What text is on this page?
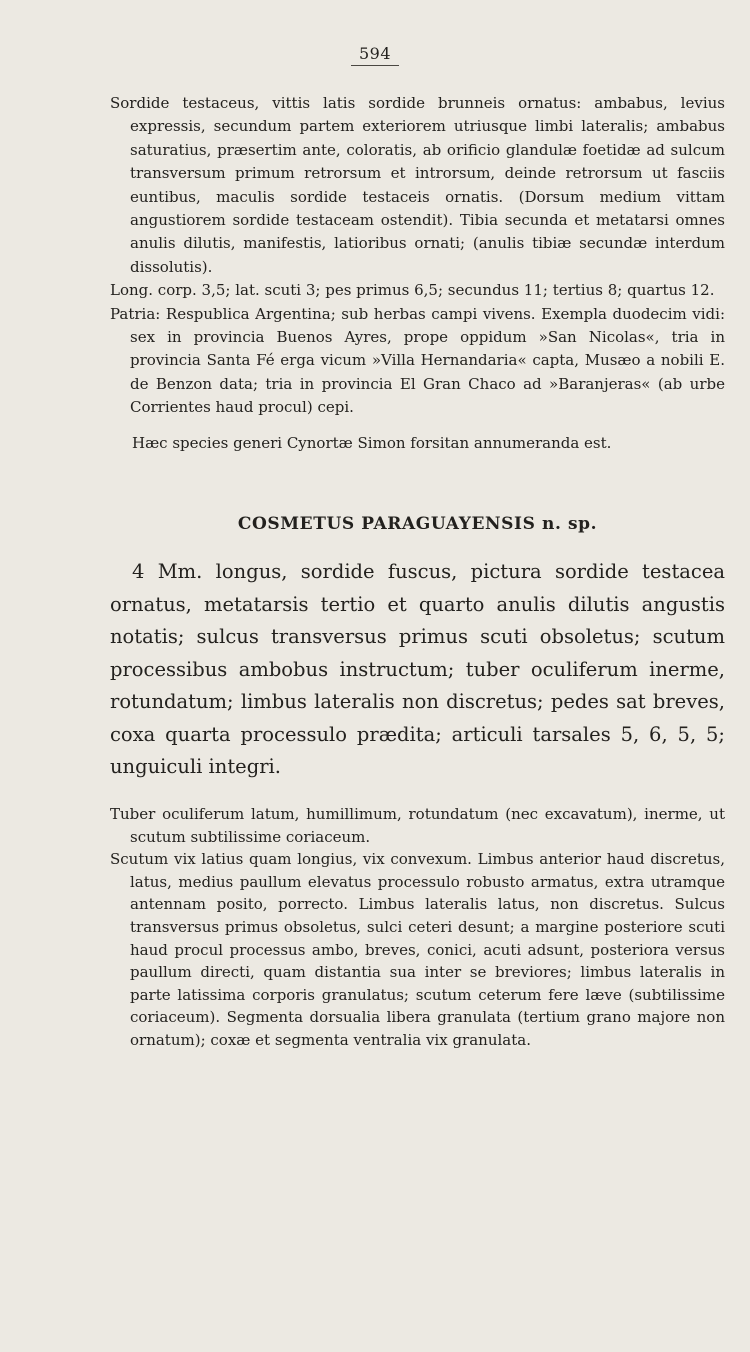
594

Sordide testaceus, vittis latis sordide brunneis ornatus: ambabus, levius expressis, secundum partem exteriorem utriusque limbi lateralis; ambabus saturatius, præsertim ante, coloratis, ab orificio glandulæ foetidæ ad sulcum transversum primum retrorsum et introrsum, deinde retrorsum ut fasciis euntibus, maculis sordide testaceis ornatis. (Dorsum medium vittam angustiorem sordide testaceam ostendit). Tibia secunda et metatarsi omnes anulis dilutis, manifestis, latioribus ornati; (anulis tibiæ secundæ interdum dissolutis).

Long. corp. 3,5; lat. scuti 3; pes primus 6,5; secundus 11; tertius 8; quartus 12.

Patria: Respublica Argentina; sub herbas campi vivens. Exempla duodecim vidi: sex in provincia Buenos Ayres, prope oppidum »San Nicolas«, tria in provincia Santa Fé erga vicum »Villa Hernandaria« capta, Musæo a nobili E. de Benzon data; tria in provincia El Gran Chaco ad »Baranjeras« (ab urbe Corrientes haud procul) cepi.

Hæc species generi Cynortæ Simon forsitan annumeranda est.

COSMETUS PARAGUAYENSIS n. sp.

4 Mm. longus, sordide fuscus, pictura sordide testacea ornatus, metatarsis tertio et quarto anulis dilutis angustis notatis; sulcus transversus primus scuti obsoletus; scutum processibus ambobus instructum; tuber oculiferum inerme, rotundatum; limbus lateralis non discretus; pedes sat breves, coxa quarta processulo prædita; articuli tarsales 5, 6, 5, 5; unguiculi integri.

Tuber oculiferum latum, humillimum, rotundatum (nec excavatum), inerme, ut scutum subtilissime coriaceum.

Scutum vix latius quam longius, vix convexum. Limbus anterior haud discretus, latus, medius paullum elevatus processulo robusto armatus, extra utramque antennam posito, porrecto. Limbus lateralis latus, non discretus. Sulcus transversus primus obsoletus, sulci ceteri desunt; a margine posteriore scuti haud procul processus ambo, breves, conici, acuti adsunt, posteriora versus paullum directi, quam distantia sua inter se breviores; limbus lateralis in parte latissima corporis granulatus; scutum ceterum fere læve (subtilissime coriaceum). Segmenta dorsualia libera granulata (tertium grano majore non ornatum); coxæ et segmenta ventralia vix granulata.
